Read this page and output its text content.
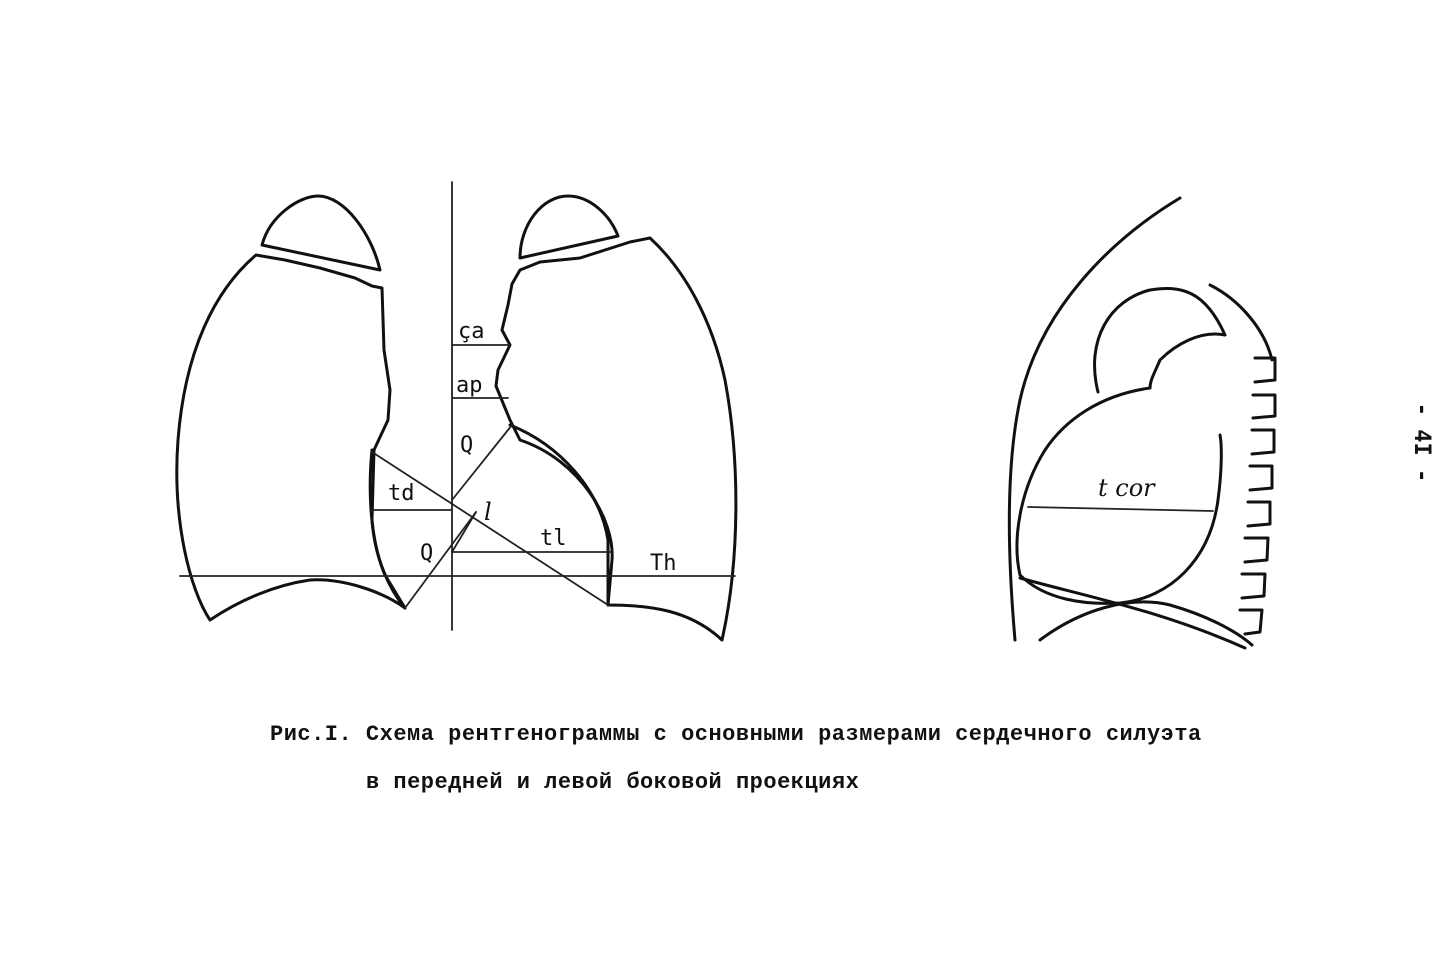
ҫa
ap
Q
td
l
tl
Q	Th
t cor
Рис.I. Схема рентгенограммы с основными размерами сердечного силуэта
в передней и левой боковой проекциях
- 4I -
